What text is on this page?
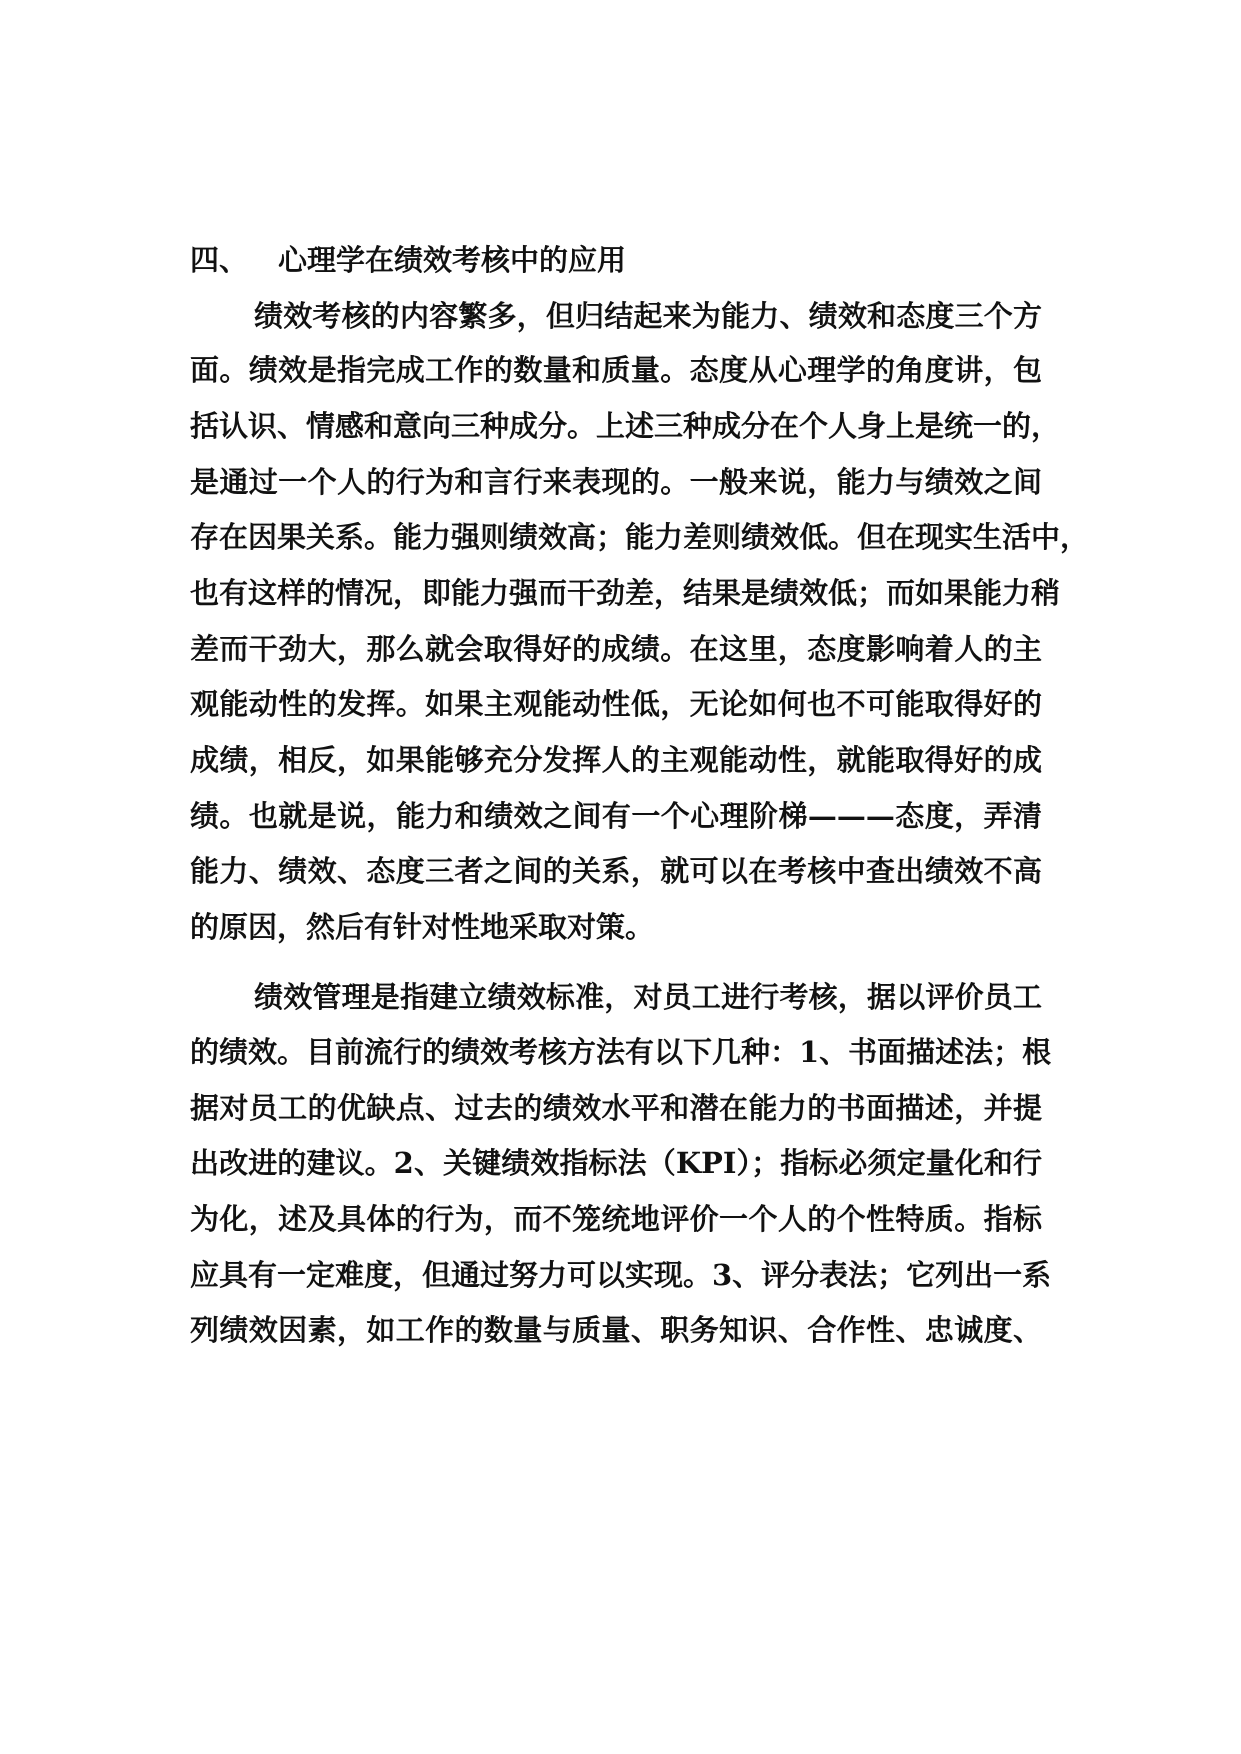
四、 心理学在绩效考核中的应用
绩效考核的内容繁多，但归结起来为能力、绩效和态度三个方
面。绩效是指完成工作的数量和质量。态度从心理学的角度讲，包
括认识、情感和意向三种成分。上述三种成分在个人身上是统一的，
是通过一个人的行为和言行来表现的。一般来说，能力与绩效之间
存在因果关系。能力强则绩效高；能力差则绩效低。但在现实生活中，
也有这样的情况，即能力强而干劲差，结果是绩效低；而如果能力稍
差而干劲大，那么就会取得好的成绩。在这里，态度影响着人的主
观能动性的发挥。如果主观能动性低，无论如何也不可能取得好的
成绩，相反，如果能够充分发挥人的主观能动性，就能取得好的成
绩。也就是说，能力和绩效之间有一个心理阶梯———态度，弄清
能力、绩效、态度三者之间的关系，就可以在考核中查出绩效不高
的原因，然后有针对性地采取对策。
绩效管理是指建立绩效标准，对员工进行考核，据以评价员工
的绩效。目前流行的绩效考核方法有以下几种：1、书面描述法；根
据对员工的优缺点、过去的绩效水平和潜在能力的书面描述，并提
出改进的建议。2、关键绩效指标法（KPI）；指标必须定量化和行
为化，述及具体的行为，而不笼统地评价一个人的个性特质。指标
应具有一定难度，但通过努力可以实现。3、评分表法；它列出一系
列绩效因素，如工作的数量与质量、职务知识、合作性、忠诚度、
